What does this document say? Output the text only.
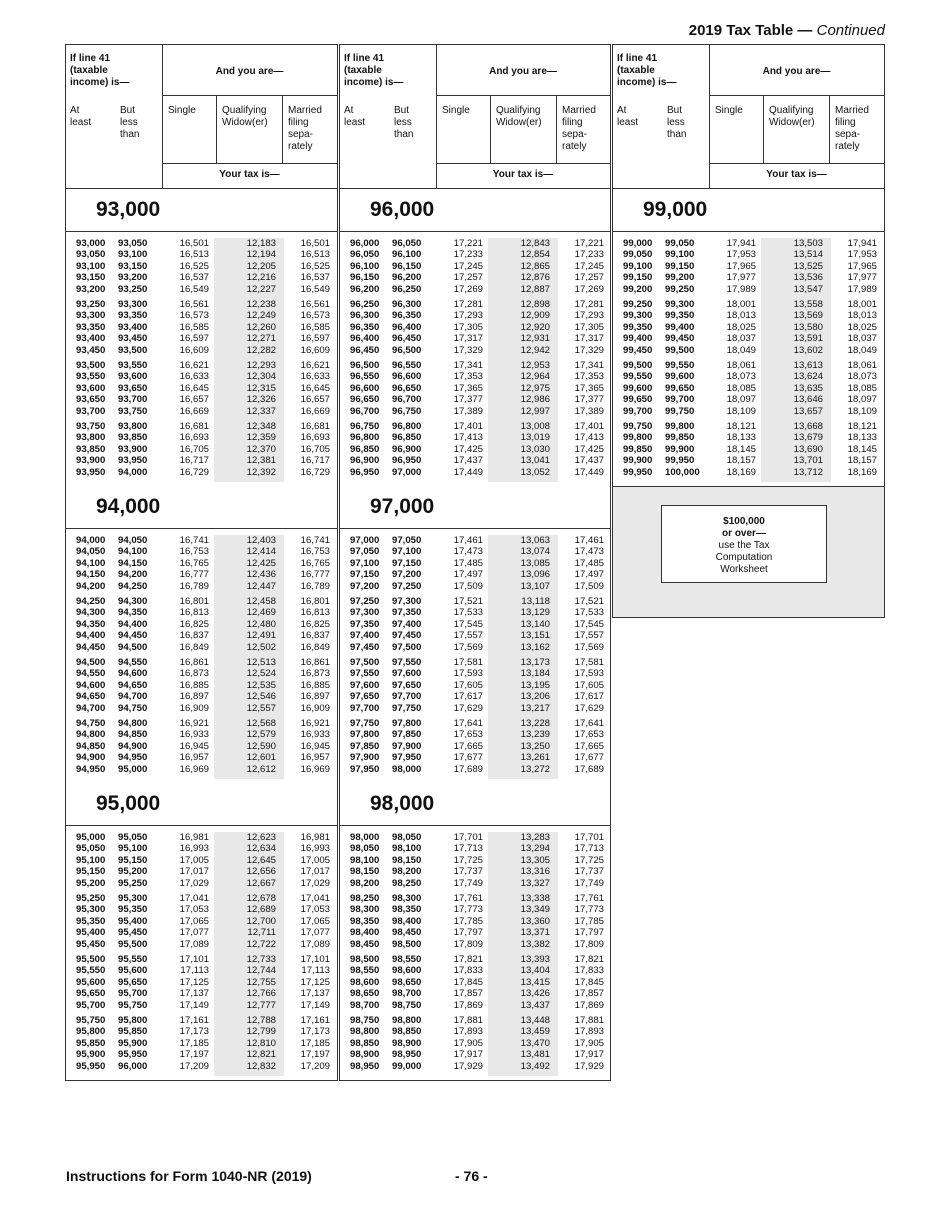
2019 Tax Table — Continued
If line 41
(taxable
income) is—
And you are—
At
least
But
less
than
Single	Qualifying
Widow(er)
Married
filing
sepa-
rately
Your tax is—
93,000
93,000 93,050	16,501	12,183	16,501
93,050 93,100	16,513	12,194	16,513
93,100 93,150	16,525	12,205	16,525
93,150 93,200	16,537	12,216	16,537
93,200 93,250	16,549	12,227	16,549
93,250 93,300	16,561	12,238	16,561
93,300 93,350	16,573	12,249	16,573
93,350 93,400	16,585	12,260	16,585
93,400 93,450	16,597	12,271	16,597
93,450 93,500	16,609	12,282	16,609
93,500 93,550	16,621	12,293	16,621
93,550 93,600	16,633	12,304	16,633
93,600 93,650	16,645	12,315	16,645
93,650 93,700	16,657	12,326	16,657
93,700 93,750	16,669	12,337	16,669
93,750 93,800	16,681	12,348	16,681
93,800 93,850	16,693	12,359	16,693
93,850 93,900	16,705	12,370	16,705
93,900 93,950	16,717	12,381	16,717
93,950 94,000	16,729	12,392	16,729
94,000
94,000 94,050	16,741	12,403	16,741
94,050 94,100	16,753	12,414	16,753
94,100 94,150	16,765	12,425	16,765
94,150 94,200	16,777	12,436	16,777
94,200 94,250	16,789	12,447	16,789
94,250 94,300	16,801	12,458	16,801
94,300 94,350	16,813	12,469	16,813
94,350 94,400	16,825	12,480	16,825
94,400 94,450	16,837	12,491	16,837
94,450 94,500	16,849	12,502	16,849
94,500 94,550	16,861	12,513	16,861
94,550 94,600	16,873	12,524	16,873
94,600 94,650	16,885	12,535	16,885
94,650 94,700	16,897	12,546	16,897
94,700 94,750	16,909	12,557	16,909
94,750 94,800	16,921	12,568	16,921
94,800 94,850	16,933	12,579	16,933
94,850 94,900	16,945	12,590	16,945
94,900 94,950	16,957	12,601	16,957
94,950 95,000	16,969	12,612	16,969
95,000
95,000 95,050	16,981	12,623	16,981
95,050 95,100	16,993	12,634	16,993
95,100 95,150	17,005	12,645	17,005
95,150 95,200	17,017	12,656	17,017
95,200 95,250	17,029	12,667	17,029
95,250 95,300	17,041	12,678	17,041
95,300 95,350	17,053	12,689	17,053
95,350 95,400	17,065	12,700	17,065
95,400 95,450	17,077	12,711	17,077
95,450 95,500	17,089	12,722	17,089
95,500 95,550	17,101	12,733	17,101
95,550 95,600	17,113	12,744	17,113
95,600 95,650	17,125	12,755	17,125
95,650 95,700	17,137	12,766	17,137
95,700 95,750	17,149	12,777	17,149
95,750 95,800	17,161	12,788	17,161
95,800 95,850	17,173	12,799	17,173
95,850 95,900	17,185	12,810	17,185
95,900 95,950	17,197	12,821	17,197
95,950 96,000	17,209	12,832	17,209
If line 41
(taxable
income) is—
And you are—
At
least
But
less
than
Single	Qualifying
Widow(er)
Married
filing
sepa-
rately
Your tax is—
96,000
96,000 96,050	17,221	12,843	17,221
96,050 96,100	17,233	12,854	17,233
96,100 96,150	17,245	12,865	17,245
96,150 96,200	17,257	12,876	17,257
96,200 96,250	17,269	12,887	17,269
96,250 96,300	17,281	12,898	17,281
96,300 96,350	17,293	12,909	17,293
96,350 96,400	17,305	12,920	17,305
96,400 96,450	17,317	12,931	17,317
96,450 96,500	17,329	12,942	17,329
96,500 96,550	17,341	12,953	17,341
96,550 96,600	17,353	12,964	17,353
96,600 96,650	17,365	12,975	17,365
96,650 96,700	17,377	12,986	17,377
96,700 96,750	17,389	12,997	17,389
96,750 96,800	17,401	13,008	17,401
96,800 96,850	17,413	13,019	17,413
96,850 96,900	17,425	13,030	17,425
96,900 96,950	17,437	13,041	17,437
96,950 97,000	17,449	13,052	17,449
97,000
97,000 97,050	17,461	13,063	17,461
97,050 97,100	17,473	13,074	17,473
97,100 97,150	17,485	13,085	17,485
97,150 97,200	17,497	13,096	17,497
97,200 97,250	17,509	13,107	17,509
97,250 97,300	17,521	13,118	17,521
97,300 97,350	17,533	13,129	17,533
97,350 97,400	17,545	13,140	17,545
97,400 97,450	17,557	13,151	17,557
97,450 97,500	17,569	13,162	17,569
97,500 97,550	17,581	13,173	17,581
97,550 97,600	17,593	13,184	17,593
97,600 97,650	17,605	13,195	17,605
97,650 97,700	17,617	13,206	17,617
97,700 97,750	17,629	13,217	17,629
97,750 97,800	17,641	13,228	17,641
97,800 97,850	17,653	13,239	17,653
97,850 97,900	17,665	13,250	17,665
97,900 97,950	17,677	13,261	17,677
97,950 98,000	17,689	13,272	17,689
98,000
98,000 98,050	17,701	13,283	17,701
98,050 98,100	17,713	13,294	17,713
98,100 98,150	17,725	13,305	17,725
98,150 98,200	17,737	13,316	17,737
98,200 98,250	17,749	13,327	17,749
98,250 98,300	17,761	13,338	17,761
98,300 98,350	17,773	13,349	17,773
98,350 98,400	17,785	13,360	17,785
98,400 98,450	17,797	13,371	17,797
98,450 98,500	17,809	13,382	17,809
98,500 98,550	17,821	13,393	17,821
98,550 98,600	17,833	13,404	17,833
98,600 98,650	17,845	13,415	17,845
98,650 98,700	17,857	13,426	17,857
98,700 98,750	17,869	13,437	17,869
98,750 98,800	17,881	13,448	17,881
98,800 98,850	17,893	13,459	17,893
98,850 98,900	17,905	13,470	17,905
98,900 98,950	17,917	13,481	17,917
98,950 99,000	17,929	13,492	17,929
If line 41
(taxable
income) is—
And you are—
At
least
But
less
than
Single	Qualifying
Widow(er)
Married
filing
sepa-
rately
Your tax is—
99,000
99,000 99,050	17,941	13,503	17,941
99,050 99,100	17,953	13,514	17,953
99,100 99,150	17,965	13,525	17,965
99,150 99,200	17,977	13,536	17,977
99,200 99,250	17,989	13,547	17,989
99,250 99,300	18,001	13,558	18,001
99,300 99,350	18,013	13,569	18,013
99,350 99,400	18,025	13,580	18,025
99,400 99,450	18,037	13,591	18,037
99,450 99,500	18,049	13,602	18,049
99,500 99,550	18,061	13,613	18,061
99,550 99,600	18,073	13,624	18,073
99,600 99,650	18,085	13,635	18,085
99,650 99,700	18,097	13,646	18,097
99,700 99,750	18,109	13,657	18,109
99,750 99,800	18,121	13,668	18,121
99,800 99,850	18,133	13,679	18,133
99,850 99,900	18,145	13,690	18,145
99,900 99,950	18,157	13,701	18,157
99,950 100,000	18,169	13,712	18,169
$100,000
or over—
use the Tax
Computation
Worksheet
Instructions for Form 1040-NR (2019)	- 76 -
